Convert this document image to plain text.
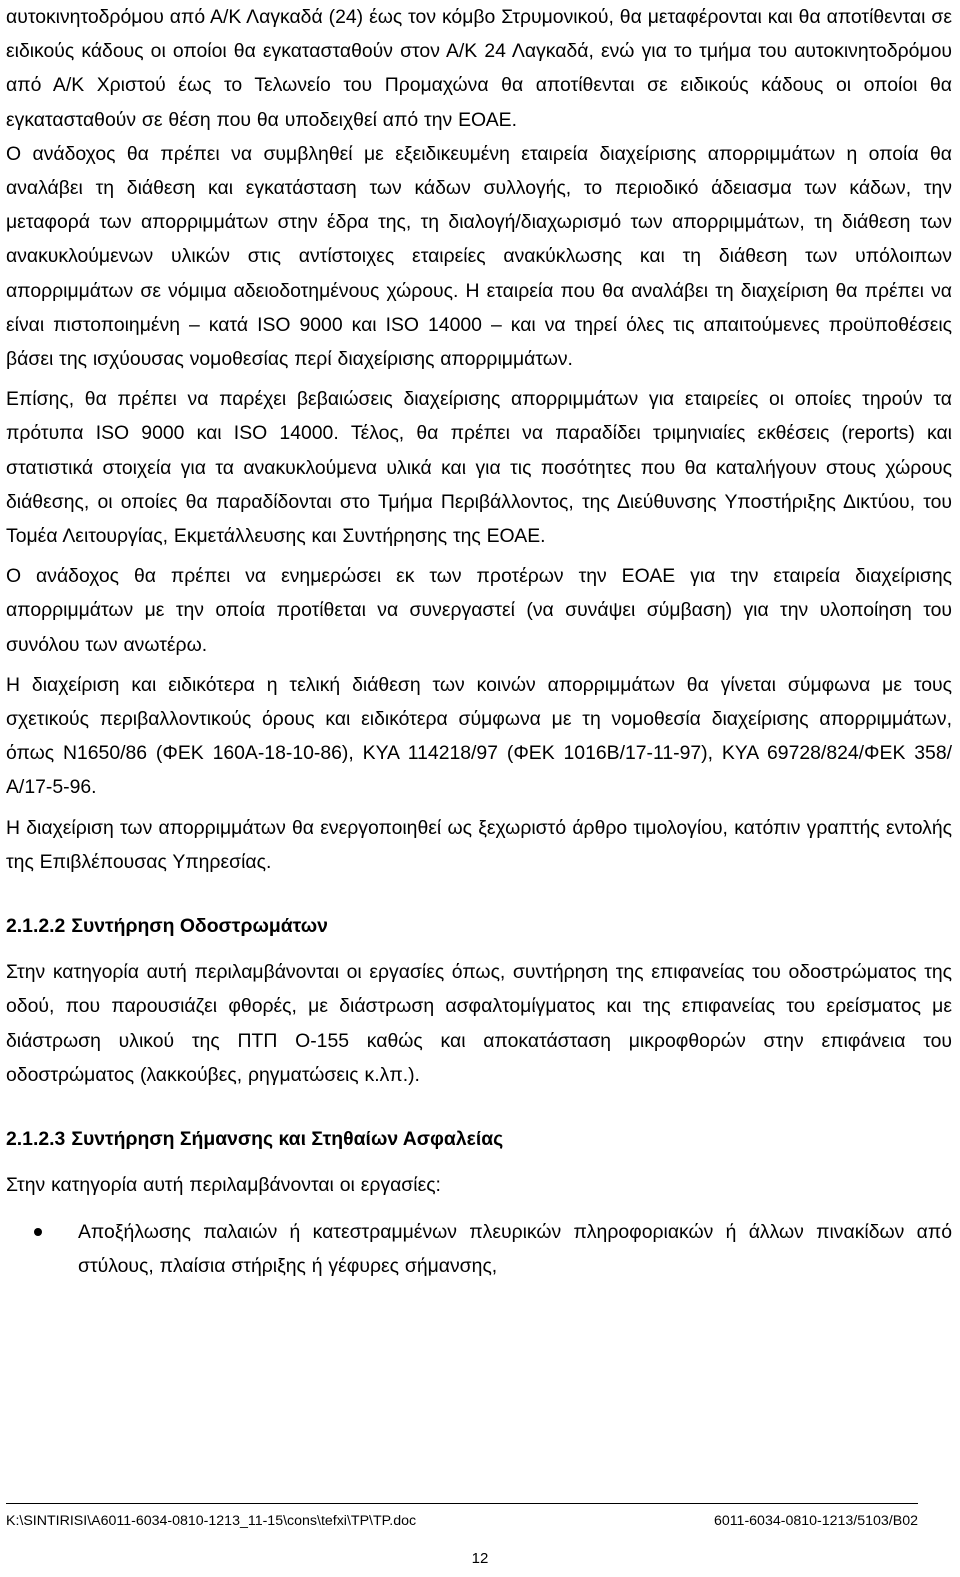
αυτοκινητοδρόμου από Α/Κ Λαγκαδά (24) έως τον κόμβο Στρυμονικού, θα μεταφέρονται και θα αποτίθενται σε ειδικούς κάδους οι οποίοι θα εγκατασταθούν στον Α/Κ 24 Λαγκαδά, ενώ για το τμήμα του αυτοκινητοδρόμου από Α/Κ Χριστού έως το Τελωνείο του Προμαχώνα θα αποτίθενται σε ειδικούς κάδους οι οποίοι θα εγκατασταθούν σε θέση που θα υποδειχθεί από την ΕΟΑΕ.

Ο ανάδοχος θα πρέπει να συμβληθεί με εξειδικευμένη εταιρεία διαχείρισης απορριμμάτων η οποία θα αναλάβει τη διάθεση και εγκατάσταση των κάδων συλλογής, το περιοδικό άδειασμα των κάδων, την μεταφορά των απορριμμάτων στην έδρα της, τη διαλογή/διαχωρισμό των απορριμμάτων, τη διάθεση των ανακυκλούμενων υλικών στις αντίστοιχες εταιρείες ανακύκλωσης και τη διάθεση των υπόλοιπων απορριμμάτων σε νόμιμα αδειοδοτημένους χώρους. Η εταιρεία που θα αναλάβει τη διαχείριση θα πρέπει να είναι πιστοποιημένη – κατά ISO 9000 και ISO 14000 – και να τηρεί όλες τις απαιτούμενες προϋποθέσεις βάσει της ισχύουσας νομοθεσίας περί διαχείρισης απορριμμάτων.

Επίσης, θα πρέπει να παρέχει βεβαιώσεις διαχείρισης απορριμμάτων για εταιρείες οι οποίες τηρούν τα πρότυπα ISO 9000 και ISO 14000. Τέλος, θα πρέπει να παραδίδει τριμηνιαίες εκθέσεις (reports) και στατιστικά στοιχεία για τα ανακυκλούμενα υλικά και για τις ποσότητες που θα καταλήγουν στους χώρους διάθεσης, οι οποίες θα παραδίδονται στο Τμήμα Περιβάλλοντος, της Διεύθυνσης Υποστήριξης Δικτύου, του Τομέα Λειτουργίας, Εκμετάλλευσης και Συντήρησης της ΕΟΑΕ.

Ο ανάδοχος θα πρέπει να ενημερώσει εκ των προτέρων την ΕΟΑΕ για την εταιρεία διαχείρισης απορριμμάτων με την οποία προτίθεται να συνεργαστεί (να συνάψει σύμβαση) για την υλοποίηση του συνόλου των ανωτέρω.

Η διαχείριση και ειδικότερα η τελική διάθεση των κοινών απορριμμάτων θα γίνεται σύμφωνα με τους σχετικούς περιβαλλοντικούς όρους και ειδικότερα σύμφωνα με τη νομοθεσία διαχείρισης απορριμμάτων, όπως Ν1650/86 (ΦΕΚ 160Α-18-10-86), ΚΥΑ 114218/97 (ΦΕΚ 1016Β/17-11-97), ΚΥΑ 69728/824/ΦΕΚ 358/Α/17-5-96.

Η διαχείριση των απορριμμάτων θα ενεργοποιηθεί ως ξεχωριστό άρθρο τιμολογίου, κατόπιν γραπτής εντολής της Επιβλέπουσας Υπηρεσίας.

2.1.2.2 Συντήρηση Οδοστρωμάτων

Στην κατηγορία αυτή περιλαμβάνονται οι εργασίες όπως, συντήρηση της επιφανείας του οδοστρώματος της οδού, που παρουσιάζει φθορές, με διάστρωση ασφαλτομίγματος και της επιφανείας του ερείσματος με διάστρωση υλικού της ΠΤΠ Ο-155 καθώς και αποκατάσταση μικροφθορών στην επιφάνεια του οδοστρώματος (λακκούβες, ρηγματώσεις κ.λπ.).

2.1.2.3 Συντήρηση Σήμανσης και Στηθαίων Ασφαλείας

Στην κατηγορία αυτή περιλαμβάνονται οι εργασίες:

Αποξήλωσης παλαιών ή κατεστραμμένων πλευρικών πληροφοριακών ή άλλων πινακίδων από στύλους, πλαίσια στήριξης ή γέφυρες σήμανσης,

K:\SINTIRISI\A6011-6034-0810-1213_11-15\cons\tefxi\TP\TP.doc	6011-6034-0810-1213/5103/B02
12
